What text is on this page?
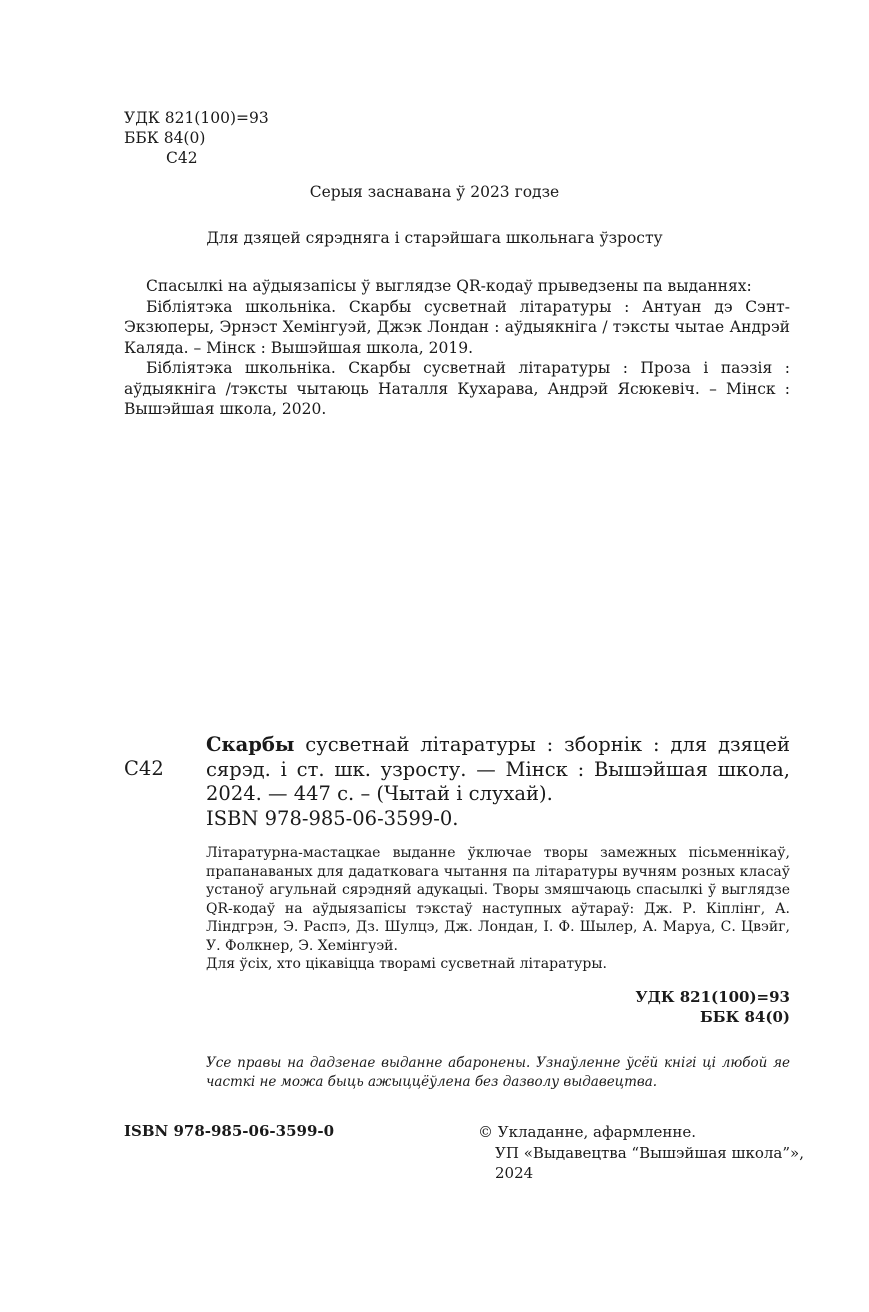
УДК 821(100)=93
ББК 84(0)
С42
Серыя заснавана ў 2023 годзе
Для дзяцей сярэдняга і старэйшага школьнага ўзросту

Спасылкі на аўдыязапісы ў выглядзе QR-кодаў прыведзены па выданнях:

Бібліятэка школьніка. Скарбы сусветнай літаратуры : Антуан дэ Сэнт-Экзюперы, Эрнэст Хемінгуэй, Джэк Лондан : аўдыякніга / тэксты чытае Андрэй Каляда. – Мінск : Вышэйшая школа, 2019.

Бібліятэка школьніка. Скарбы сусветнай літаратуры : Проза і паэзія : аўдыякніга /тэксты чытаюць Наталля Кухарава, Андрэй Ясюкевіч. – Мінск : Вышэйшая школа, 2020.

С42

Скарбы сусветнай літаратуры : зборнік : для дзяцей сярэд. і ст. шк. узросту. — Мінск : Вышэйшая школа, 2024. — 447 с. – (Чытай і слухай).

ISBN 978-985-06-3599-0.

Літаратурна-мастацкае выданне ўключае творы замежных пісьменнікаў, прапанаваных для дадатковага чытання па літаратуры вучням розных класаў устаноў агульнай сярэдняй адукацыі. Творы змяшчаюць спасылкі ў выглядзе QR-кодаў на аўдыязапісы тэкстаў наступных аўтараў: Дж. Р. Кіплінг, А. Ліндгрэн, Э. Распэ, Дз. Шулцэ, Дж. Лондан, І. Ф. Шылер, А. Маруа, С. Цвэйг, У. Фолкнер, Э. Хемінгуэй.

Для ўсіх, хто цікавіцца творамі сусветнай літаратуры.

УДК 821(100)=93
ББК 84(0)
Усе правы на дадзенае выданне абаронены. Узнаўленне ўсёй кнігі ці любой яе часткі не можа быць ажыццёўлена без дазволу выдавецтва.
ISBN 978-985-06-3599-0	© Укладанне, афармленне.
УП «Выдавецтва “Вышэйшая школа”»,
2024
